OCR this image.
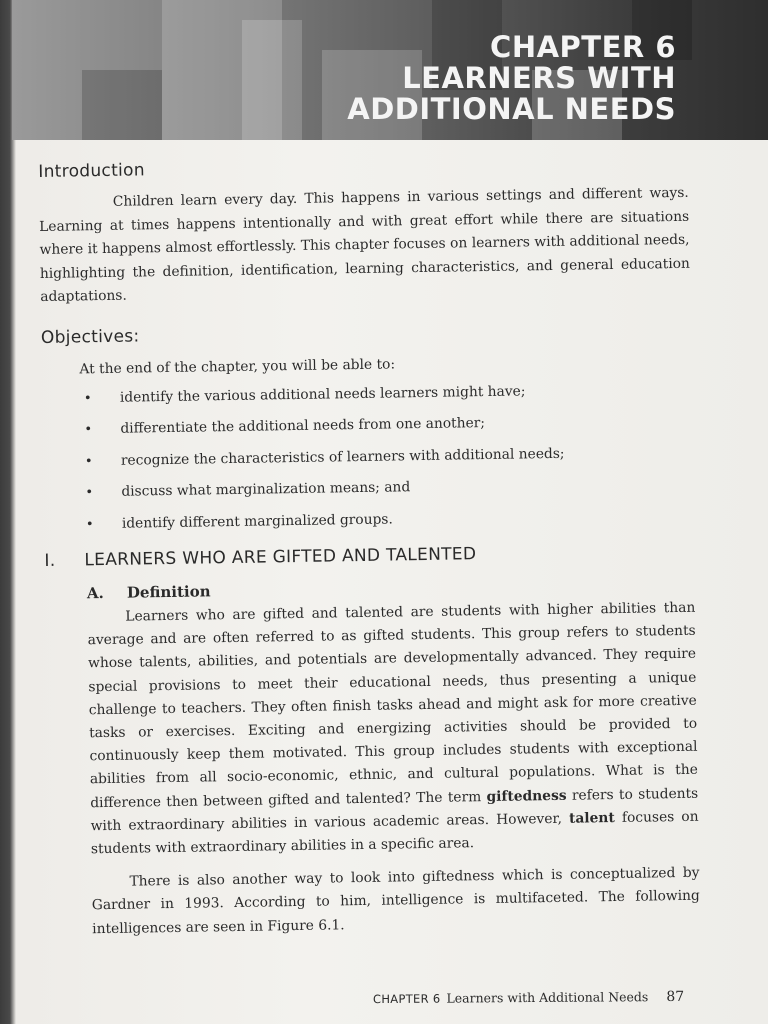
CHAPTER 6
LEARNERS WITH
ADDITIONAL NEEDS
Introduction

Children learn every day. This happens in various settings and different ways. Learning at times happens intentionally and with great effort while there are situations where it happens almost effortlessly. This chapter focuses on learners with additional needs, highlighting the definition, identification, learning characteristics, and general education adaptations.

Objectives:
At the end of the chapter, you will be able to:
• identify the various additional needs learners might have;
• differentiate the additional needs from one another;
• recognize the characteristics of learners with additional needs;
• discuss what marginalization means; and
• identify different marginalized groups.
I.	LEARNERS WHO ARE GIFTED AND TALENTED
A.	Definition

Learners who are gifted and talented are students with higher abilities than average and are often referred to as gifted students. This group refers to students whose talents, abilities, and potentials are developmentally advanced. They require special provisions to meet their educational needs, thus presenting a unique challenge to teachers. They often finish tasks ahead and might ask for more creative tasks or exercises. Exciting and energizing activities should be provided to continuously keep them motivated. This group includes students with exceptional abilities from all socio-economic, ethnic, and cultural populations. What is the difference then between gifted and talented? The term giftedness refers to students with extraordinary abilities in various academic areas. However, talent focuses on students with extraordinary abilities in a specific area.

There is also another way to look into giftedness which is conceptualized by Gardner in 1993. According to him, intelligence is multifaceted. The following intelligences are seen in Figure 6.1.

CHAPTER 6 Learners with Additional Needs 87
